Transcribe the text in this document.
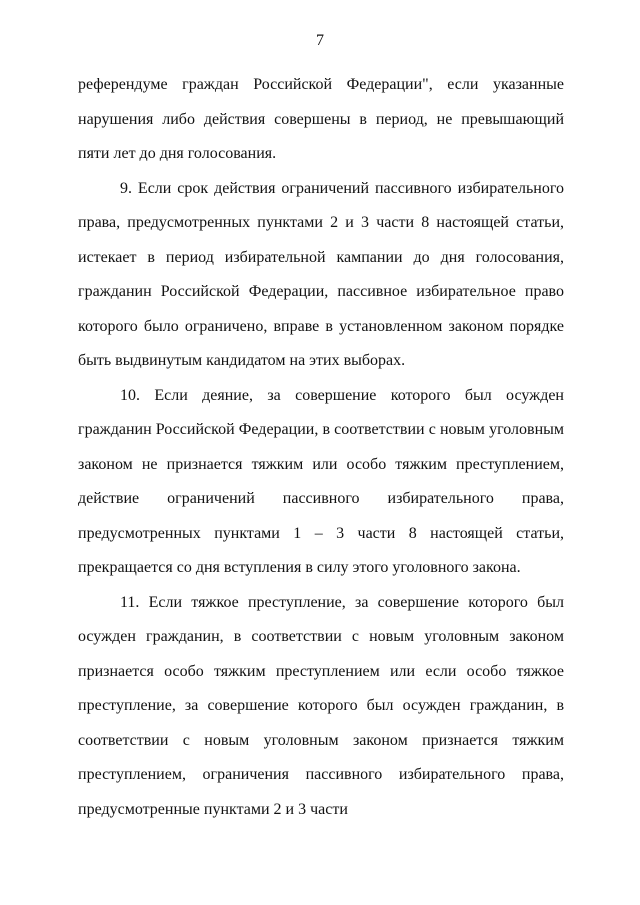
7

референдуме граждан Российской Федерации", если указанные нарушения либо действия совершены в период, не превышающий пяти лет до дня голосования.

9. Если срок действия ограничений пассивного избирательного права, предусмотренных пунктами 2 и 3 части 8 настоящей статьи, истекает в период избирательной кампании до дня голосования, гражданин Российской Федерации, пассивное избирательное право которого было ограничено, вправе в установленном законом порядке быть выдвинутым кандидатом на этих выборах.

10. Если деяние, за совершение которого был осужден гражданин Российской Федерации, в соответствии с новым уголовным законом не признается тяжким или особо тяжким преступлением, действие ограничений пассивного избирательного права, предусмотренных пунктами 1 – 3 части 8 настоящей статьи, прекращается со дня вступления в силу этого уголовного закона.

11. Если тяжкое преступление, за совершение которого был осужден гражданин, в соответствии с новым уголовным законом признается особо тяжким преступлением или если особо тяжкое преступление, за совершение которого был осужден гражданин, в соответствии с новым уголовным законом признается тяжким преступлением, ограничения пассивного избирательного права, предусмотренные пунктами 2 и 3 части
